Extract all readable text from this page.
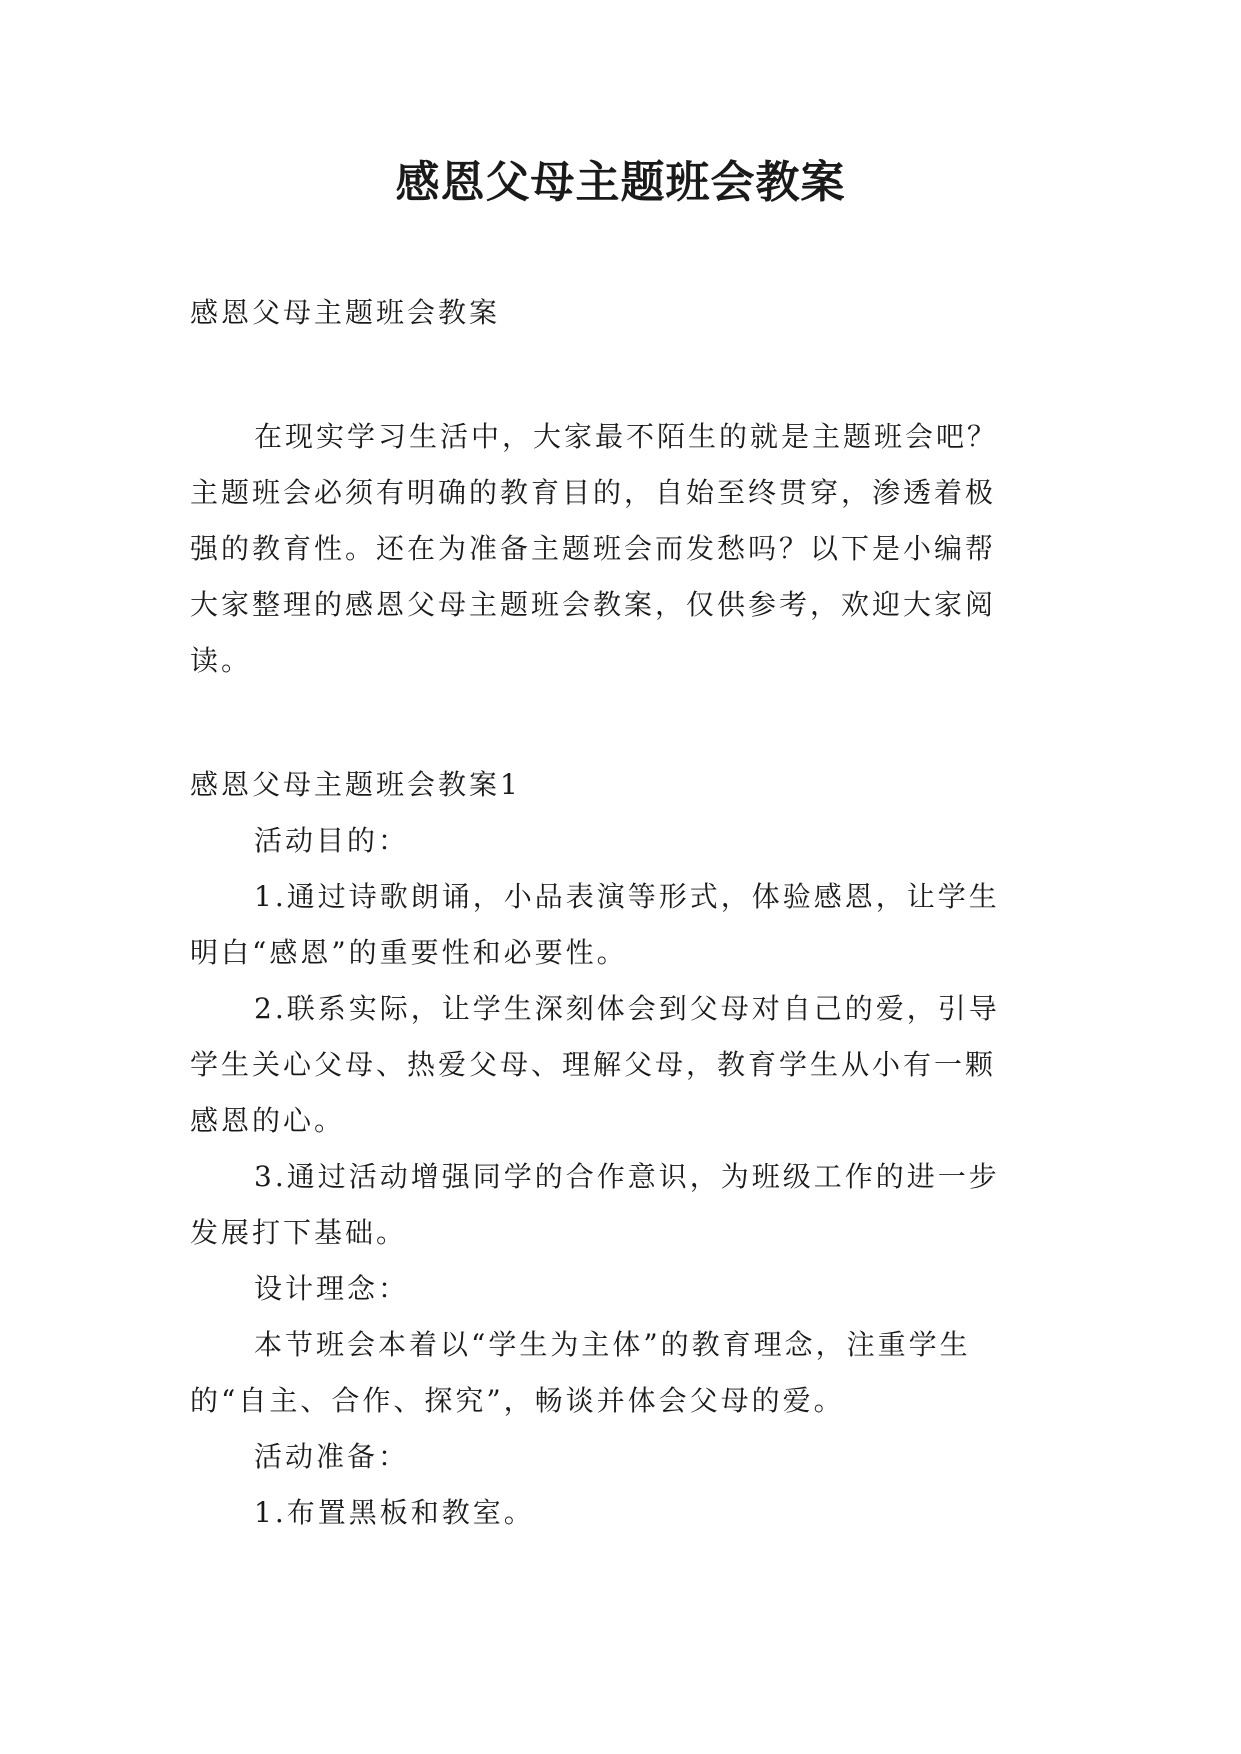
感恩父母主题班会教案

感恩父母主题班会教案

在现实学习生活中，大家最不陌生的就是主题班会吧？

主题班会必须有明确的教育目的，自始至终贯穿，渗透着极

强的教育性。还在为准备主题班会而发愁吗？以下是小编帮

大家整理的感恩父母主题班会教案，仅供参考，欢迎大家阅

读。

感恩父母主题班会教案1

活动目的：

1.通过诗歌朗诵，小品表演等形式，体验感恩，让学生

明白“感恩”的重要性和必要性。

2.联系实际，让学生深刻体会到父母对自己的爱，引导

学生关心父母、热爱父母、理解父母，教育学生从小有一颗

感恩的心。

3.通过活动增强同学的合作意识，为班级工作的进一步

发展打下基础。

设计理念：

本节班会本着以“学生为主体”的教育理念，注重学生

的“自主、合作、探究”，畅谈并体会父母的爱。

活动准备：

1.布置黑板和教室。
